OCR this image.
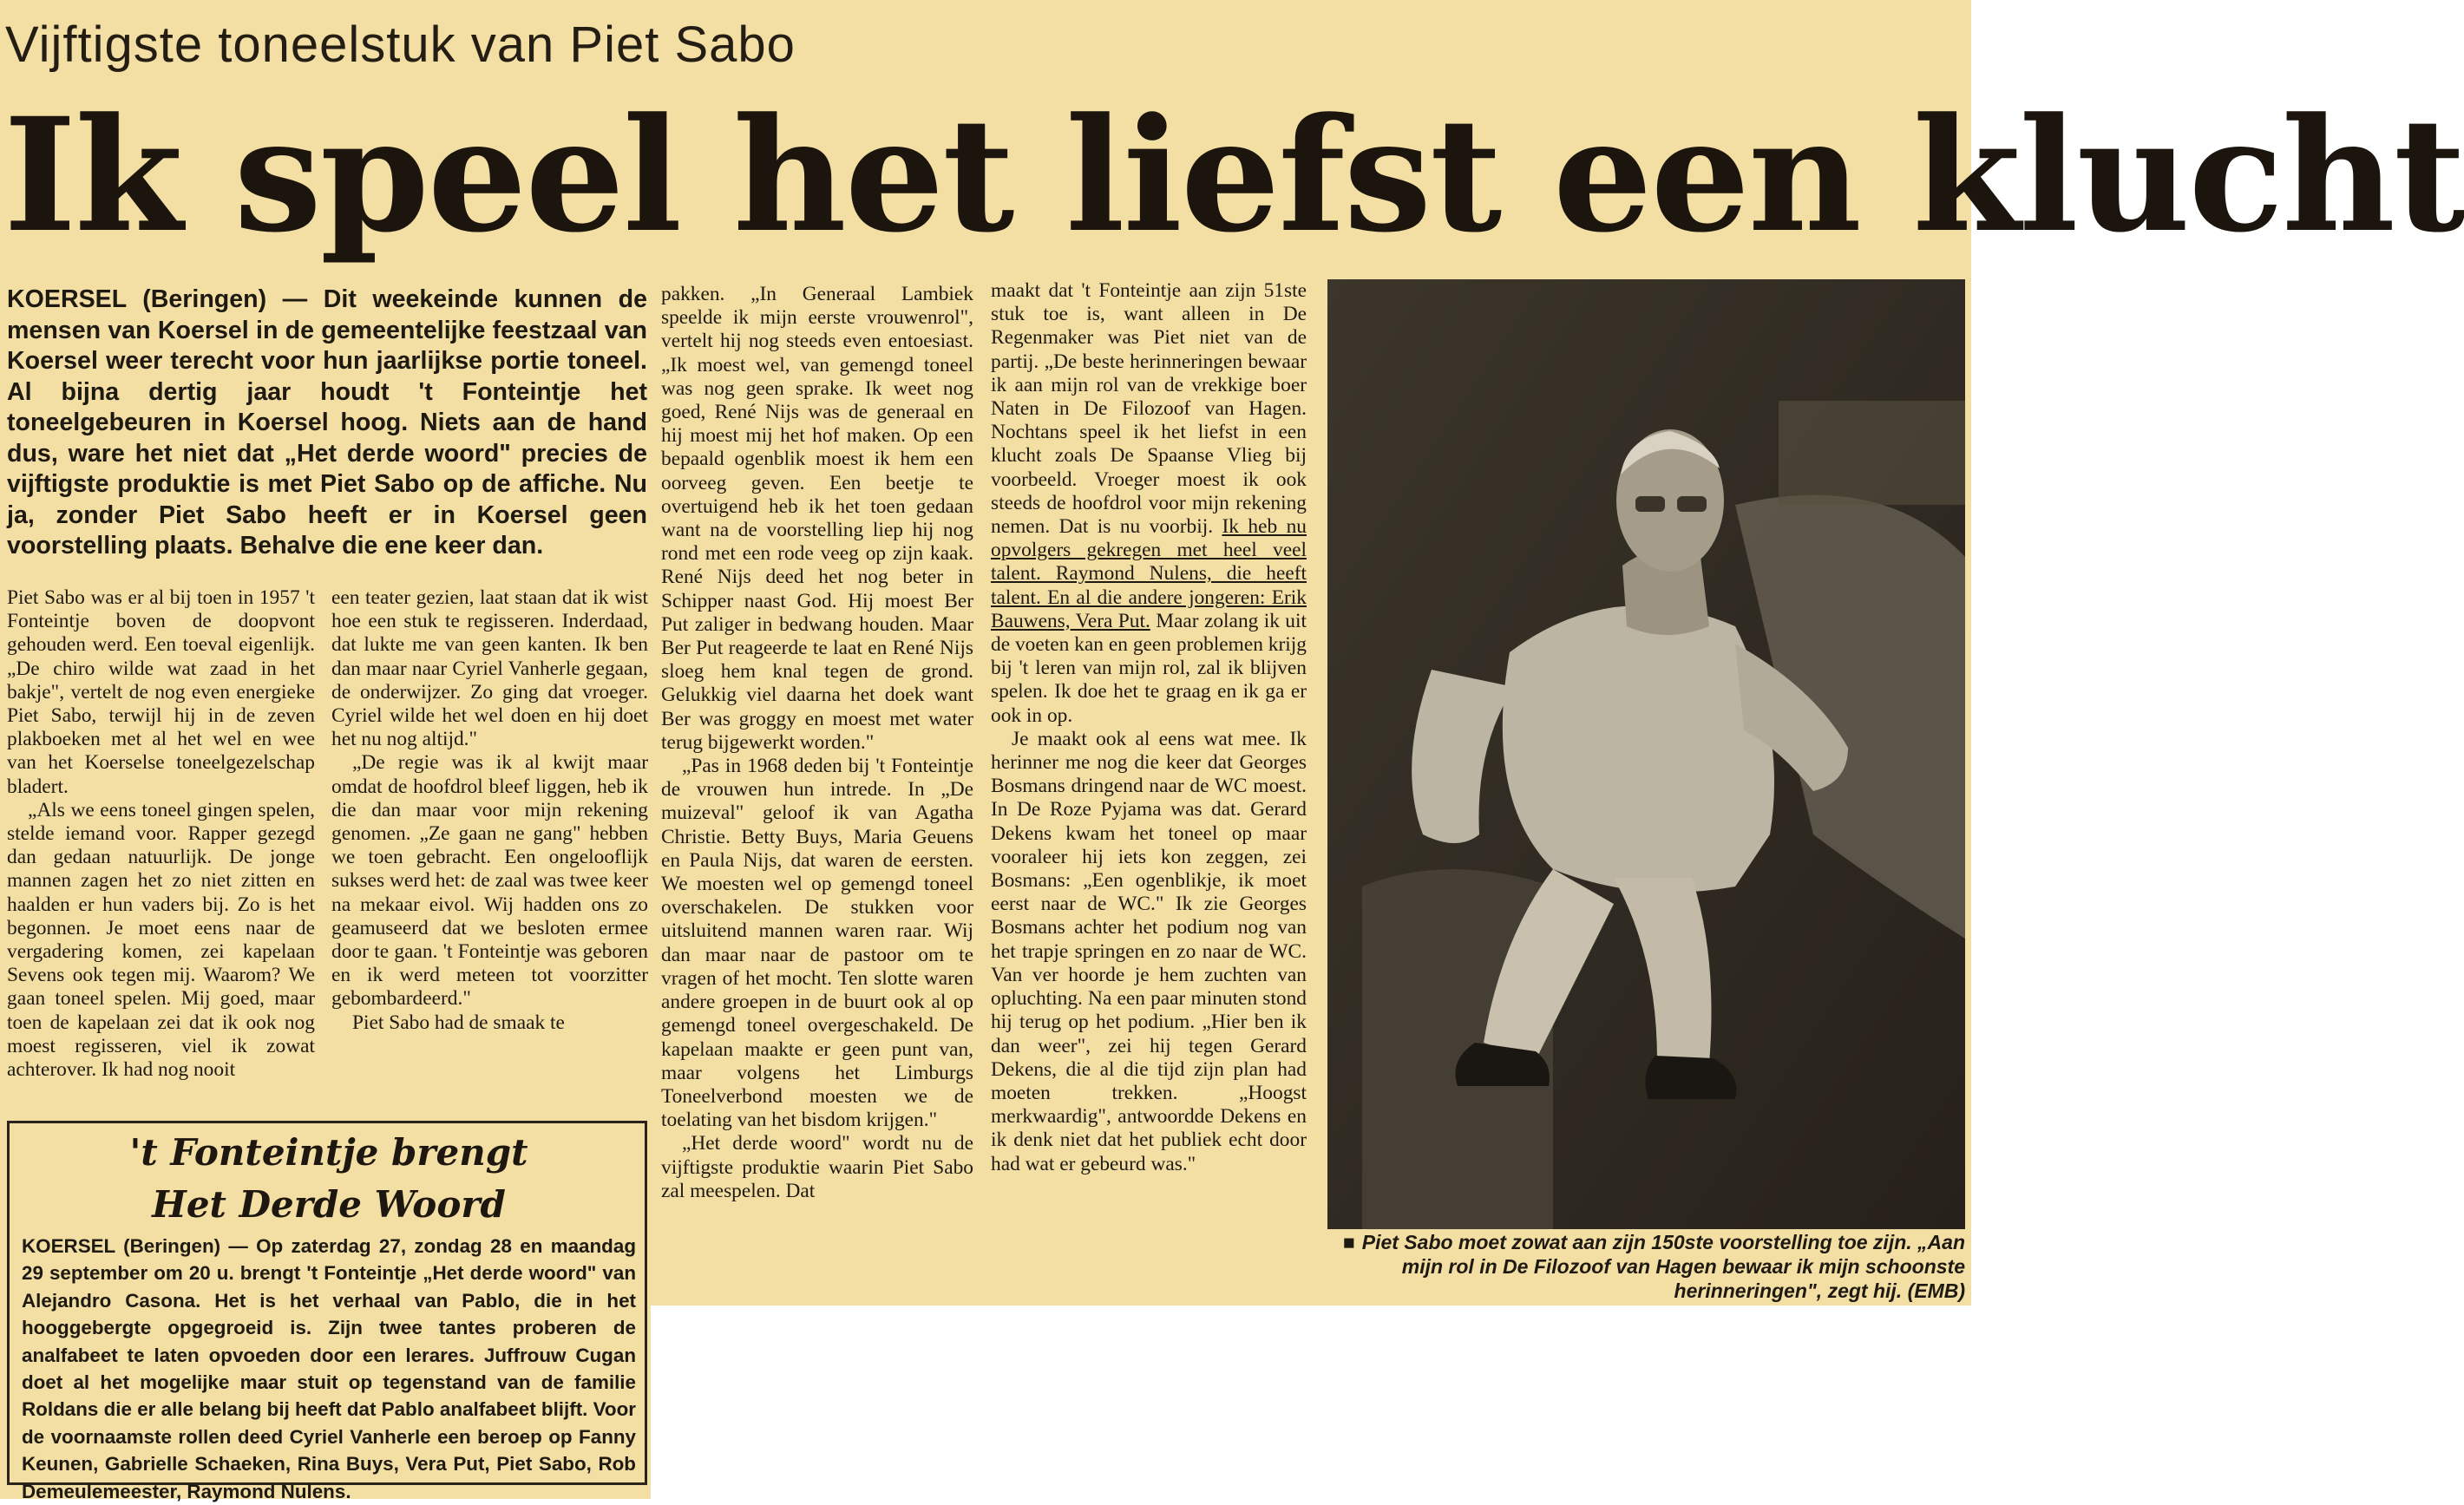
Vijftigste toneelstuk van Piet Sabo
Ik speel het liefst een klucht
KOERSEL (Beringen) — Dit weekeinde kunnen de mensen van Koersel in de gemeentelijke feestzaal van Koersel weer terecht voor hun jaarlijkse portie toneel. Al bijna dertig jaar houdt 't Fonteintje het toneelgebeuren in Koersel hoog. Niets aan de hand dus, ware het niet dat „Het derde woord" precies de vijftigste produktie is met Piet Sabo op de affiche. Nu ja, zonder Piet Sabo heeft er in Koersel geen voorstelling plaats. Behalve die ene keer dan.

Piet Sabo was er al bij toen in 1957 't Fonteintje boven de doopvont gehouden werd. Een toeval eigenlijk. „De chiro wilde wat zaad in het bakje", vertelt de nog even energieke Piet Sabo, terwijl hij in de zeven plakboeken met al het wel en wee van het Koerselse toneelgezelschap bladert.

„Als we eens toneel gingen spelen, stelde iemand voor. Rapper gezegd dan gedaan natuurlijk. De jonge mannen zagen het zo niet zitten en haalden er hun vaders bij. Zo is het begonnen. Je moet eens naar de vergadering komen, zei kapelaan Sevens ook tegen mij. Waarom? We gaan toneel spelen. Mij goed, maar toen de kapelaan zei dat ik ook nog moest regisseren, viel ik zowat achterover. Ik had nog nooit

een teater gezien, laat staan dat ik wist hoe een stuk te regisseren. Inderdaad, dat lukte me van geen kanten. Ik ben dan maar naar Cyriel Vanherle gegaan, de onderwijzer. Zo ging dat vroeger. Cyriel wilde het wel doen en hij doet het nu nog altijd."

„De regie was ik al kwijt maar omdat de hoofdrol bleef liggen, heb ik die dan maar voor mijn rekening genomen. „Ze gaan ne gang" hebben we toen gebracht. Een ongelooflijk sukses werd het: de zaal was twee keer na mekaar eivol. Wij hadden ons zo geamuseerd dat we besloten ermee door te gaan. 't Fonteintje was geboren en ik werd meteen tot voorzitter gebombardeerd."

Piet Sabo had de smaak te

pakken. „In Generaal Lambiek speelde ik mijn eerste vrouwenrol", vertelt hij nog steeds even entoesiast. „Ik moest wel, van gemengd toneel was nog geen sprake. Ik weet nog goed, René Nijs was de generaal en hij moest mij het hof maken. Op een bepaald ogenblik moest ik hem een oorveeg geven. Een beetje te overtuigend heb ik het toen gedaan want na de voorstelling liep hij nog rond met een rode veeg op zijn kaak. René Nijs deed het nog beter in Schipper naast God. Hij moest Ber Put zaliger in bedwang houden. Maar Ber Put reageerde te laat en René Nijs sloeg hem knal tegen de grond. Gelukkig viel daarna het doek want Ber was groggy en moest met water terug bijgewerkt worden."

„Pas in 1968 deden bij 't Fonteintje de vrouwen hun intrede. In „De muizeval" geloof ik van Agatha Christie. Betty Buys, Maria Geuens en Paula Nijs, dat waren de eersten. We moesten wel op gemengd toneel overschakelen. De stukken voor uitsluitend mannen waren raar. Wij dan maar naar de pastoor om te vragen of het mocht. Ten slotte waren andere groepen in de buurt ook al op gemengd toneel overgeschakeld. De kapelaan maakte er geen punt van, maar volgens het Limburgs Toneelverbond moesten we de toelating van het bisdom krijgen."

„Het derde woord" wordt nu de vijftigste produktie waarin Piet Sabo zal meespelen. Dat

maakt dat 't Fonteintje aan zijn 51ste stuk toe is, want alleen in De Regenmaker was Piet niet van de partij. „De beste herinneringen bewaar ik aan mijn rol van de vrekkige boer Naten in De Filozoof van Hagen. Nochtans speel ik het liefst in een klucht zoals De Spaanse Vlieg bij voorbeeld. Vroeger moest ik ook steeds de hoofdrol voor mijn rekening nemen. Dat is nu voorbij. Ik heb nu opvolgers gekregen met heel veel talent. Raymond Nulens, die heeft talent. En al die andere jongeren: Erik Bauwens, Vera Put. Maar zolang ik uit de voeten kan en geen problemen krijg bij 't leren van mijn rol, zal ik blijven spelen. Ik doe het te graag en ik ga er ook in op.

Je maakt ook al eens wat mee. Ik herinner me nog die keer dat Georges Bosmans dringend naar de WC moest. In De Roze Pyjama was dat. Gerard Dekens kwam het toneel op maar vooraleer hij iets kon zeggen, zei Bosmans: „Een ogenblikje, ik moet eerst naar de WC." Ik zie Georges Bosmans achter het podium nog van het trapje springen en zo naar de WC. Van ver hoorde je hem zuchten van opluchting. Na een paar minuten stond hij terug op het podium. „Hier ben ik dan weer", zei hij tegen Gerard Dekens, die al die tijd zijn plan had moeten trekken. „Hoogst merkwaardig", antwoordde Dekens en ik denk niet dat het publiek echt door had wat er gebeurd was."

't Fonteintje brengt
Het Derde Woord
KOERSEL (Beringen) — Op zaterdag 27, zondag 28 en maandag 29 september om 20 u. brengt 't Fonteintje „Het derde woord" van Alejandro Casona. Het is het verhaal van Pablo, die in het hooggebergte opgegroeid is. Zijn twee tantes proberen de analfabeet te laten opvoeden door een lerares. Juffrouw Cugan doet al het mogelijke maar stuit op tegenstand van de familie Roldans die er alle belang bij heeft dat Pablo analfabeet blijft. Voor de voornaamste rollen deed Cyriel Vanherle een beroep op Fanny Keunen, Gabrielle Schaeken, Rina Buys, Vera Put, Piet Sabo, Rob Demeulemeester, Raymond Nulens.
■ Piet Sabo moet zowat aan zijn 150ste voorstelling toe zijn. „Aan mijn rol in De Filozoof van Hagen bewaar ik mijn schoonste herinneringen", zegt hij. (EMB)
